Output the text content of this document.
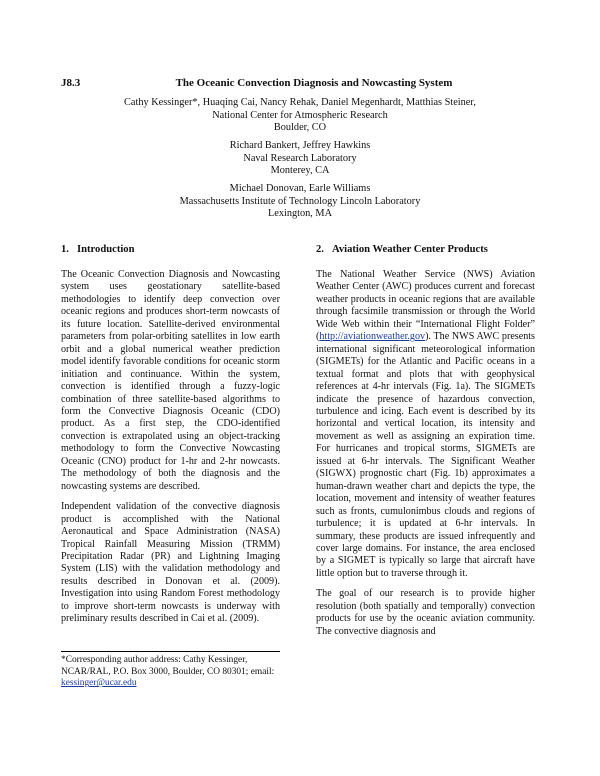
J8.3	The Oceanic Convection Diagnosis and Nowcasting System
Cathy Kessinger*, Huaqing Cai, Nancy Rehak, Daniel Megenhardt, Matthias Steiner,
National Center for Atmospheric Research
Boulder, CO
Richard Bankert, Jeffrey Hawkins
Naval Research Laboratory
Monterey, CA
Michael Donovan, Earle Williams
Massachusetts Institute of Technology Lincoln Laboratory
Lexington, MA
1. Introduction

The Oceanic Convection Diagnosis and Nowcasting system uses geostationary satellite-based methodologies to identify deep convection over oceanic regions and produces short-term nowcasts of its future location. Satellite-derived environmental parameters from polar-orbiting satellites in low earth orbit and a global numerical weather prediction model identify favorable conditions for oceanic storm initiation and continuance. Within the system, convection is identified through a fuzzy-logic combination of three satellite-based algorithms to form the Convective Diagnosis Oceanic (CDO) product. As a first step, the CDO-identified convection is extrapolated using an object-tracking methodology to form the Convective Nowcasting Oceanic (CNO) product for 1-hr and 2-hr nowcasts. The methodology of both the diagnosis and the nowcasting systems are described.

Independent validation of the convective diagnosis product is accomplished with the National Aeronautical and Space Administration (NASA) Tropical Rainfall Measuring Mission (TRMM) Precipitation Radar (PR) and Lightning Imaging System (LIS) with the validation methodology and results described in Donovan et al. (2009). Investigation into using Random Forest methodology to improve short-term nowcasts is underway with preliminary results described in Cai et al. (2009).

2. Aviation Weather Center Products

The National Weather Service (NWS) Aviation Weather Center (AWC) produces current and forecast weather products in oceanic regions that are available through facsimile transmission or through the World Wide Web within their “International Flight Folder” (http://aviationweather.gov). The NWS AWC presents international significant meteorological information (SIGMETs) for the Atlantic and Pacific oceans in a textual format and plots that with geophysical references at 4-hr intervals (Fig. 1a). The SIGMETs indicate the presence of hazardous convection, turbulence and icing. Each event is described by its horizontal and vertical location, its intensity and movement as well as assigning an expiration time. For hurricanes and tropical storms, SIGMETs are issued at 6-hr intervals. The Significant Weather (SIGWX) prognostic chart (Fig. 1b) approximates a human-drawn weather chart and depicts the type, the location, movement and intensity of weather features such as fronts, cumulonimbus clouds and regions of turbulence; it is updated at 6-hr intervals. In summary, these products are issued infrequently and cover large domains. For instance, the area enclosed by a SIGMET is typically so large that aircraft have little option but to traverse through it.

The goal of our research is to provide higher resolution (both spatially and temporally) convection products for use by the oceanic aviation community. The convective diagnosis and

*Corresponding author address: Cathy Kessinger, NCAR/RAL, P.O. Box 3000, Boulder, CO 80301; email: kessinger@ucar.edu
